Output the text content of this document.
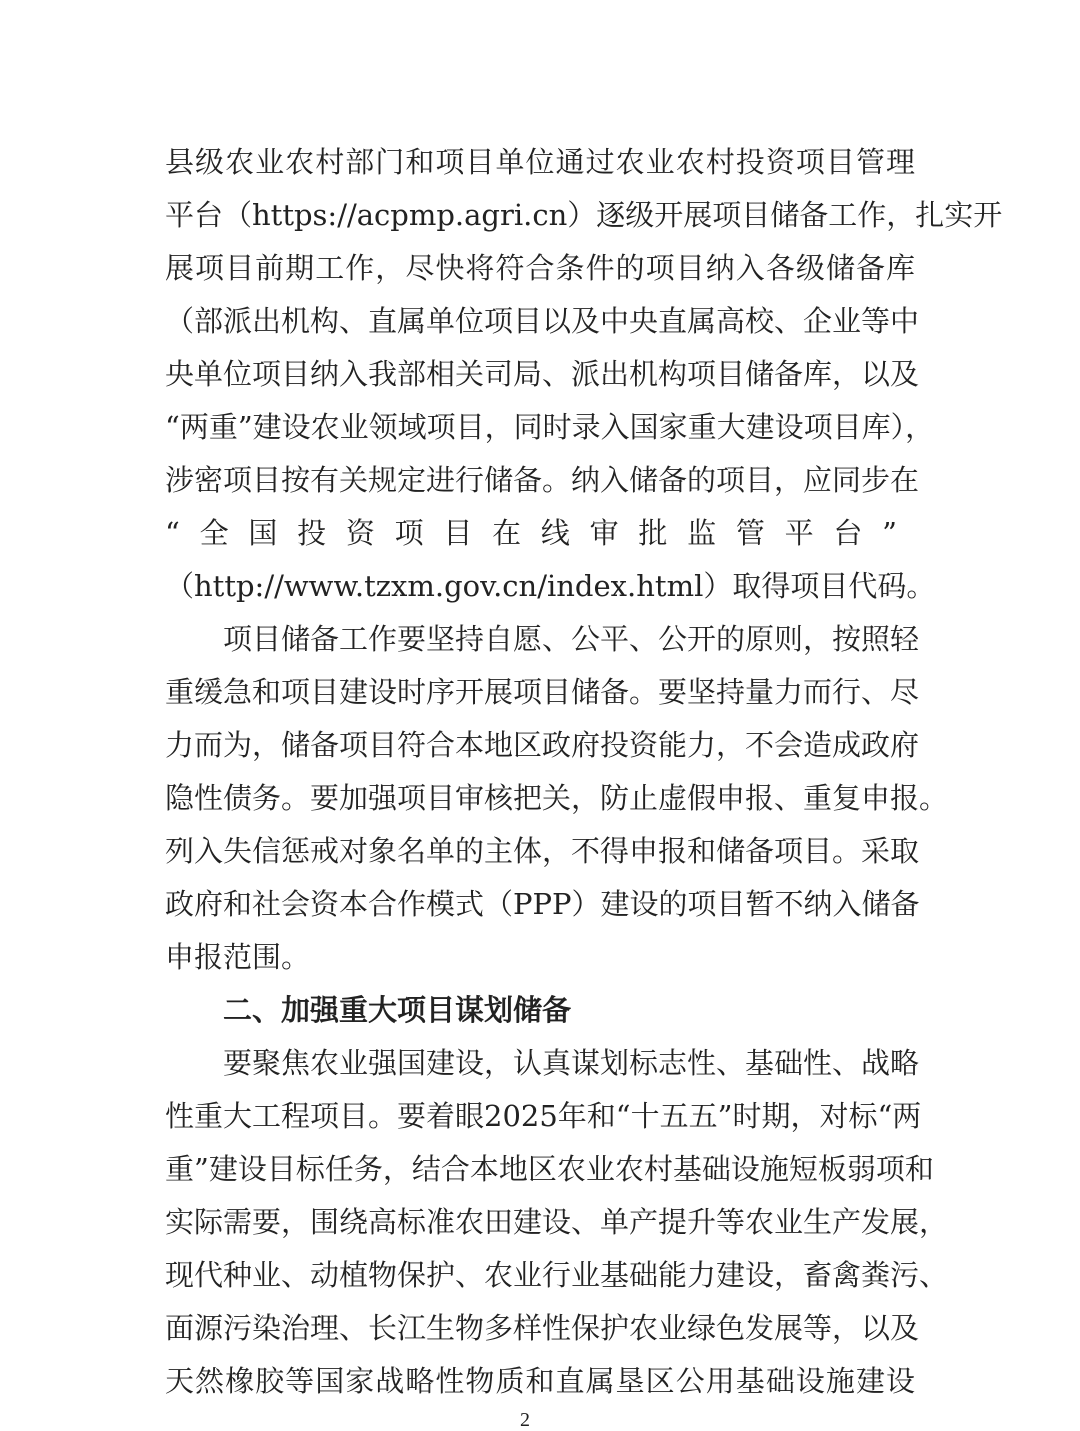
县级农业农村部门和项目单位通过农业农村投资项目管理
平台（https://acpmp.agri.cn）逐级开展项目储备工作，扎实开
展项目前期工作，尽快将符合条件的项目纳入各级储备库
（部派出机构、直属单位项目以及中央直属高校、企业等中
央单位项目纳入我部相关司局、派出机构项目储备库，以及
“两重”建设农业领域项目，同时录入国家重大建设项目库），
涉密项目按有关规定进行储备。纳入储备的项目，应同步在
“全国投资项目在线审批监管平台”
（http://www.tzxm.gov.cn/index.html）取得项目代码。
项目储备工作要坚持自愿、公平、公开的原则，按照轻
重缓急和项目建设时序开展项目储备。要坚持量力而行、尽
力而为，储备项目符合本地区政府投资能力，不会造成政府
隐性债务。要加强项目审核把关，防止虚假申报、重复申报。
列入失信惩戒对象名单的主体，不得申报和储备项目。采取
政府和社会资本合作模式（PPP）建设的项目暂不纳入储备
申报范围。
二、加强重大项目谋划储备
要聚焦农业强国建设，认真谋划标志性、基础性、战略
性重大工程项目。要着眼2025年和“十五五”时期，对标“两
重”建设目标任务，结合本地区农业农村基础设施短板弱项和
实际需要，围绕高标准农田建设、单产提升等农业生产发展，
现代种业、动植物保护、农业行业基础能力建设，畜禽粪污、
面源污染治理、长江生物多样性保护农业绿色发展等，以及
天然橡胶等国家战略性物质和直属垦区公用基础设施建设
2
